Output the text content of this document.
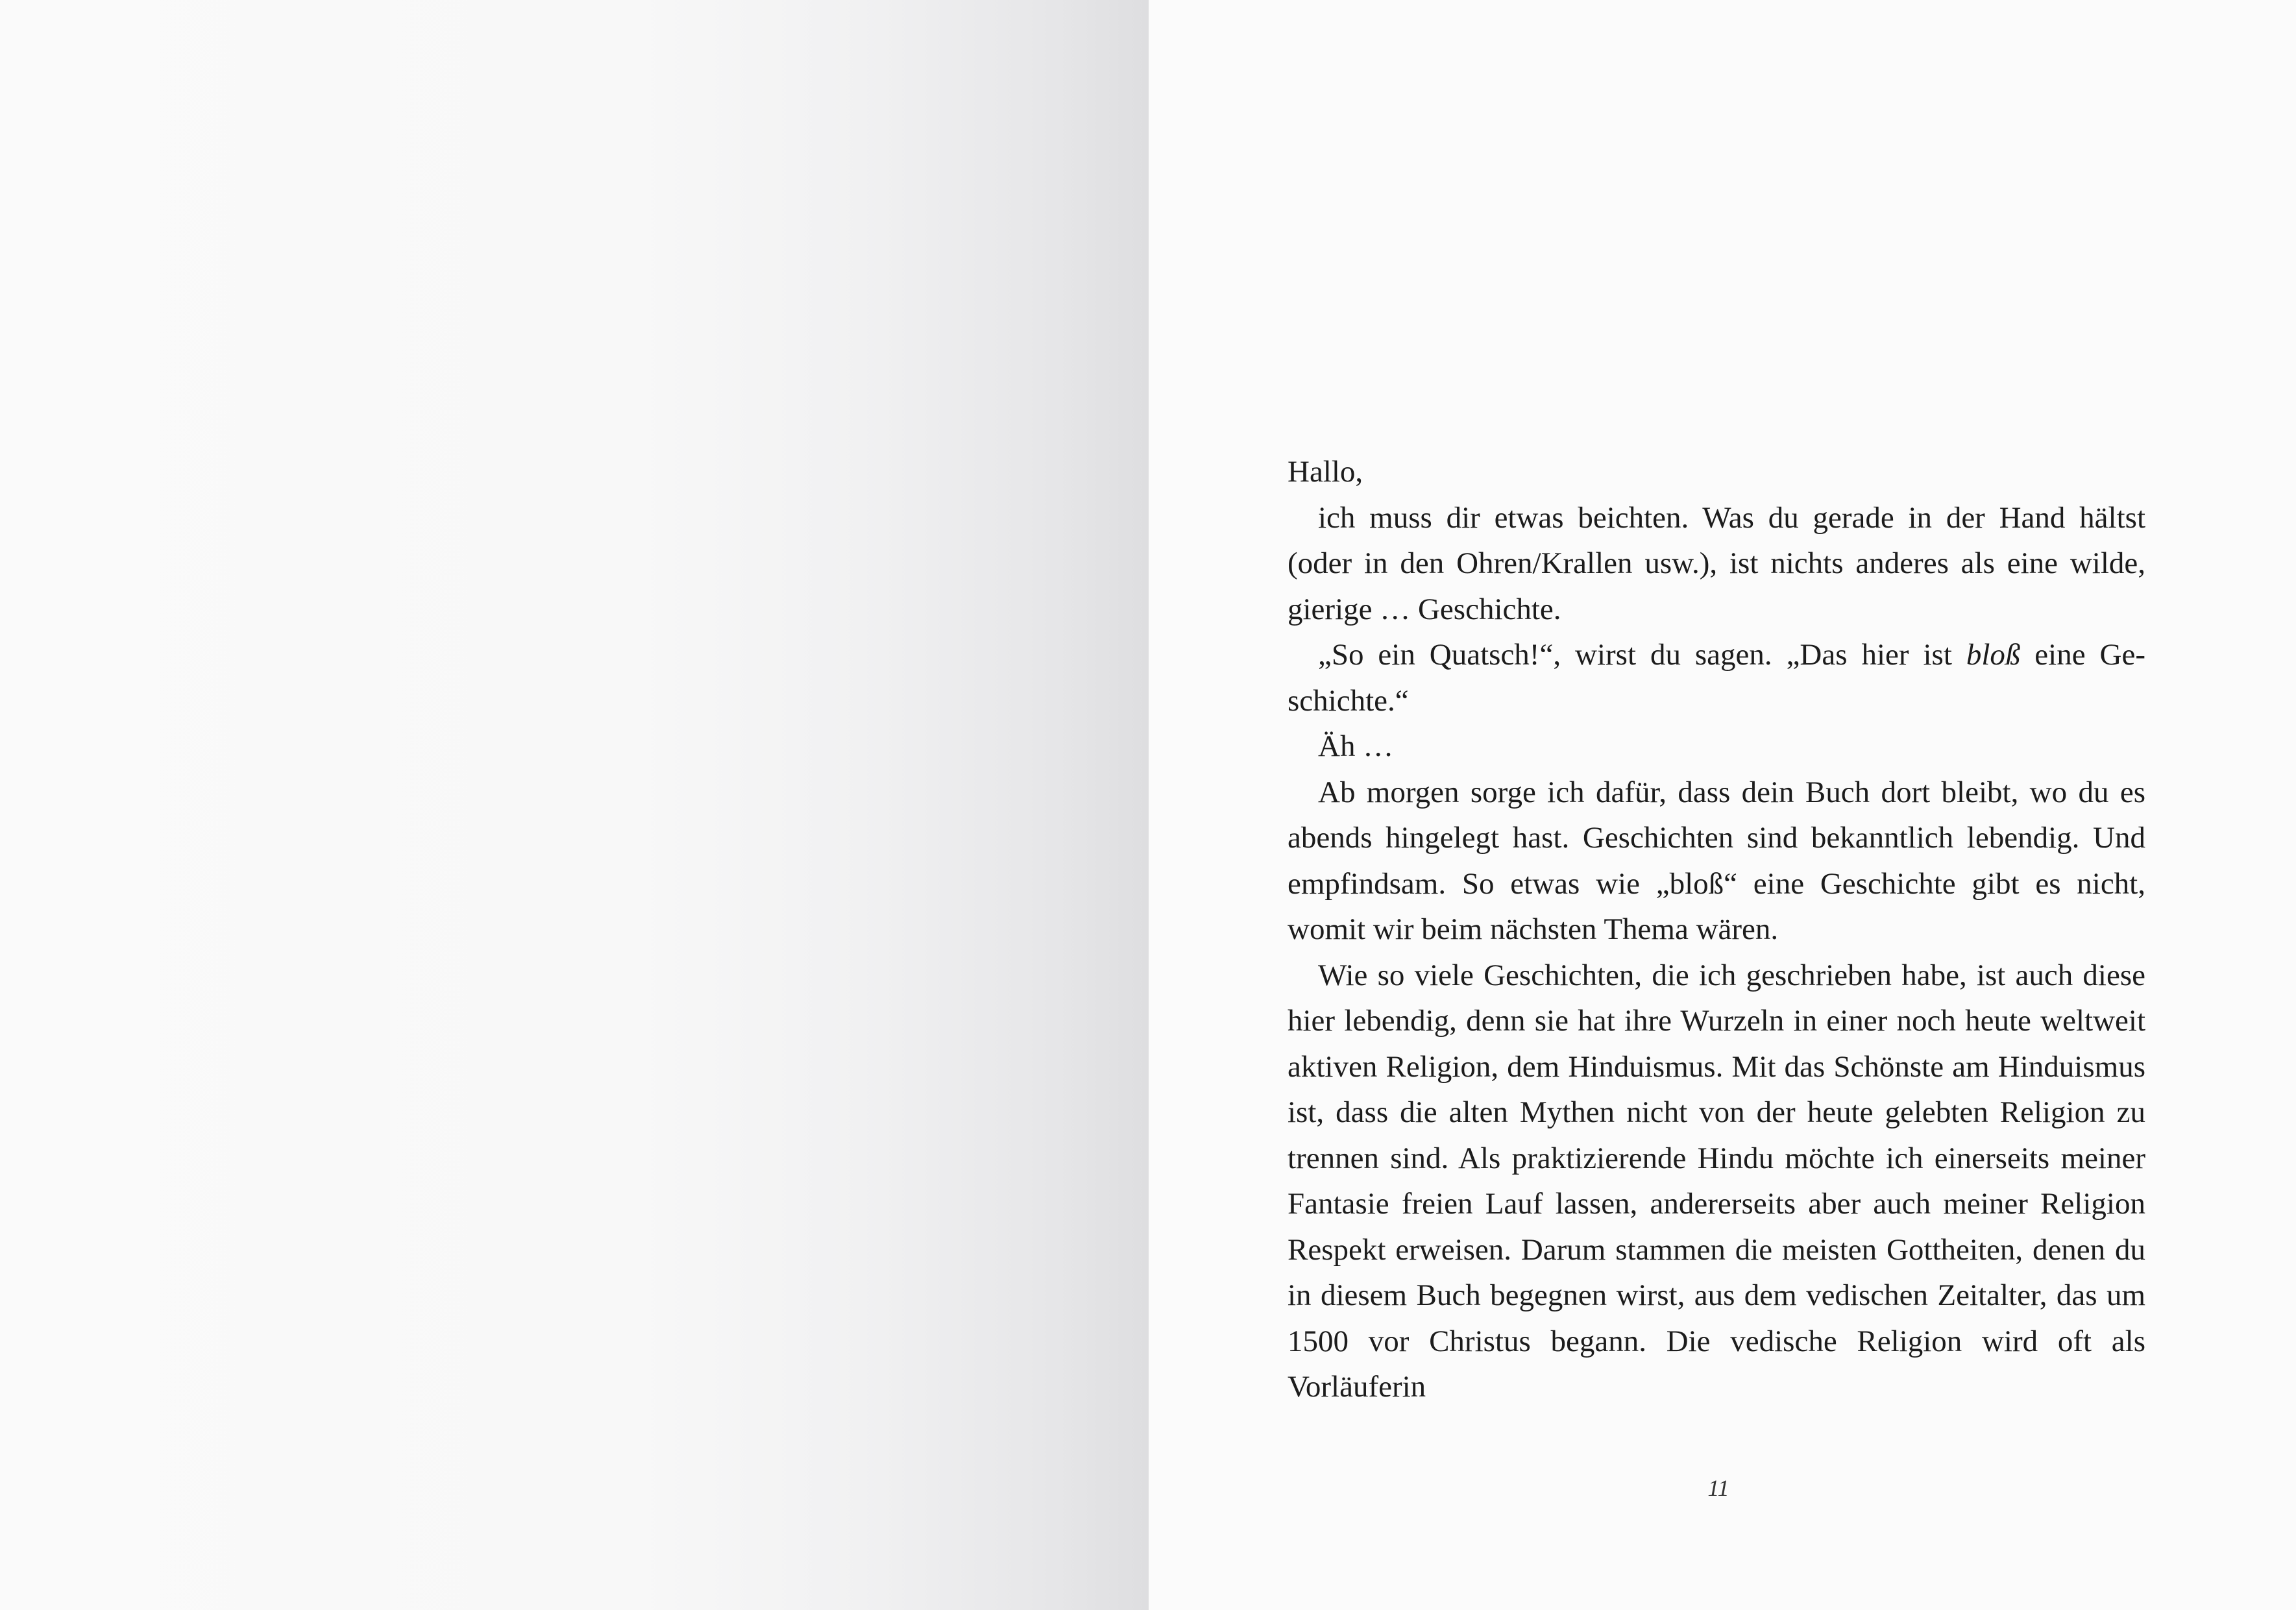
Hallo,

ich muss dir etwas beichten. Was du gerade in der Hand hältst (oder in den Ohren/Krallen usw.), ist nichts anderes als eine wilde, gierige … Geschichte.

„So ein Quatsch!“, wirst du sagen. „Das hier ist bloß eine Geschichte.“

Äh …

Ab morgen sorge ich dafür, dass dein Buch dort bleibt, wo du es abends hingelegt hast. Geschichten sind bekanntlich lebendig. Und empfindsam. So etwas wie „bloß“ eine Geschichte gibt es nicht, womit wir beim nächsten Thema wären.

Wie so viele Geschichten, die ich geschrieben habe, ist auch diese hier lebendig, denn sie hat ihre Wurzeln in einer noch heute weltweit aktiven Religion, dem Hinduismus. Mit das Schönste am Hinduismus ist, dass die alten Mythen nicht von der heute gelebten Religion zu trennen sind. Als praktizierende Hindu möchte ich einerseits meiner Fantasie freien Lauf lassen, andererseits aber auch meiner Religion Respekt erweisen. Darum stammen die meisten Gottheiten, denen du in diesem Buch begegnen wirst, aus dem vedischen Zeitalter, das um 1500 vor Christus begann. Die vedische Religion wird oft als Vorläuferin

11
